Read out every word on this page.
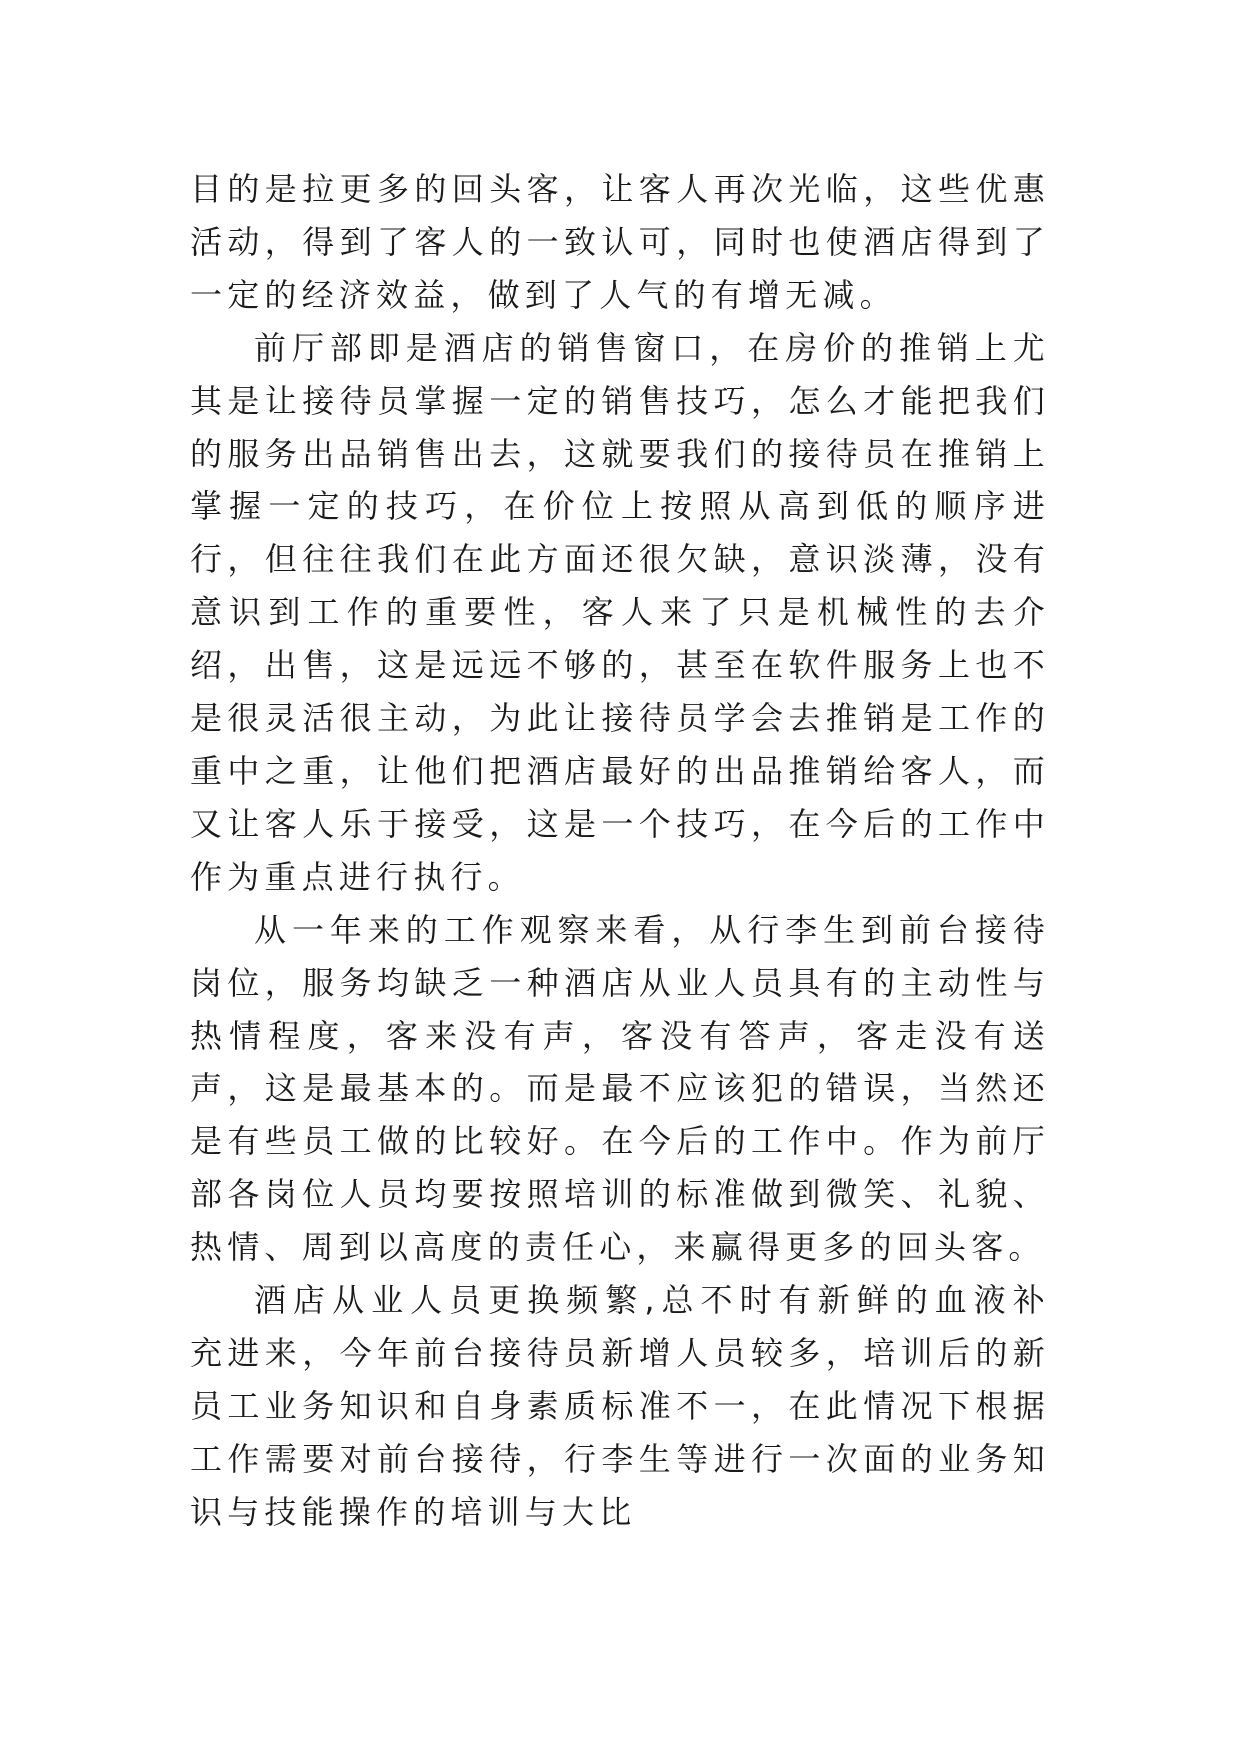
目的是拉更多的回头客，让客人再次光临，这些优惠活动，得到了客人的一致认可，同时也使酒店得到了一定的经济效益，做到了人气的有增无减。

前厅部即是酒店的销售窗口，在房价的推销上尤其是让接待员掌握一定的销售技巧，怎么才能把我们的服务出品销售出去，这就要我们的接待员在推销上掌握一定的技巧，在价位上按照从高到低的顺序进行，但往往我们在此方面还很欠缺，意识淡薄，没有意识到工作的重要性，客人来了只是机械性的去介绍，出售，这是远远不够的，甚至在软件服务上也不是很灵活很主动，为此让接待员学会去推销是工作的重中之重，让他们把酒店最好的出品推销给客人，而又让客人乐于接受，这是一个技巧，在今后的工作中作为重点进行执行。

从一年来的工作观察来看，从行李生到前台接待岗位，服务均缺乏一种酒店从业人员具有的主动性与热情程度，客来没有声，客没有答声，客走没有送声，这是最基本的。而是最不应该犯的错误，当然还是有些员工做的比较好。在今后的工作中。作为前厅部各岗位人员均要按照培训的标准做到微笑、礼貌、热情、周到以高度的责任心，来赢得更多的回头客。

酒店从业人员更换频繁,总不时有新鲜的血液补充进来，今年前台接待员新增人员较多，培训后的新员工业务知识和自身素质标准不一，在此情况下根据工作需要对前台接待，行李生等进行一次面的业务知识与技能操作的培训与大比
